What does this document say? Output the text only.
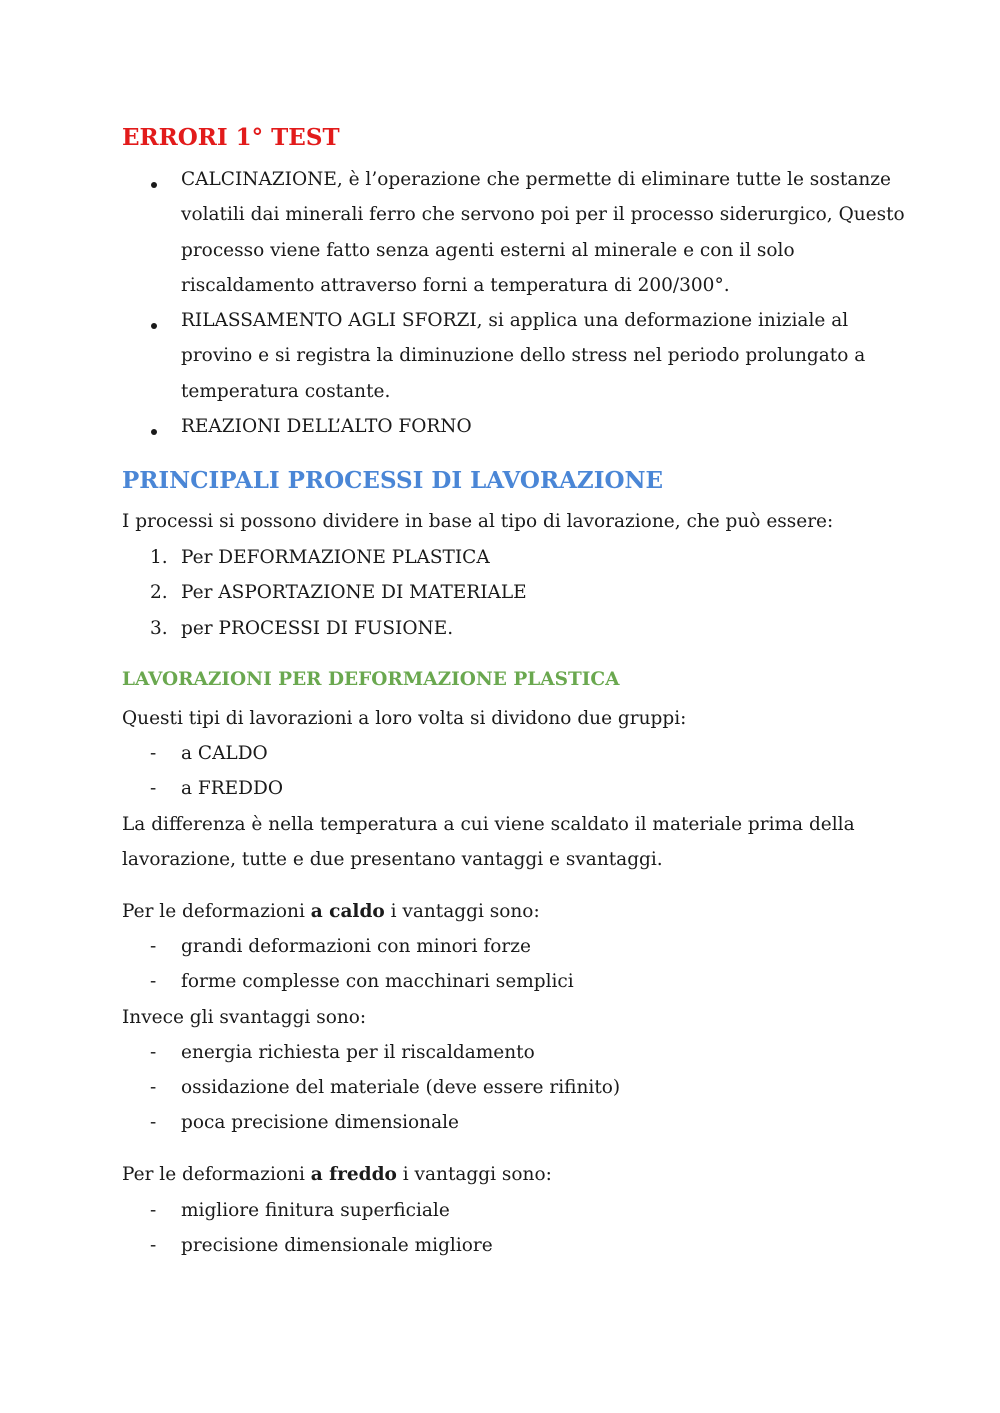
ERRORI 1° TEST
CALCINAZIONE, è l’operazione che permette di eliminare tutte le sostanze
volatili dai minerali ferro che servono poi per il processo siderurgico, Questo
processo viene fatto senza agenti esterni al minerale e con il solo
riscaldamento attraverso forni a temperatura di 200/300°.
RILASSAMENTO AGLI SFORZI, si applica una deformazione iniziale al
provino e si registra la diminuzione dello stress nel periodo prolungato a
temperatura costante.
REAZIONI DELL’ALTO FORNO
PRINCIPALI PROCESSI DI LAVORAZIONE
I processi si possono dividere in base al tipo di lavorazione, che può essere:
1. Per DEFORMAZIONE PLASTICA
2. Per ASPORTAZIONE DI MATERIALE
3. per PROCESSI DI FUSIONE.
LAVORAZIONI PER DEFORMAZIONE PLASTICA
Questi tipi di lavorazioni a loro volta si dividono due gruppi:
- a CALDO
- a FREDDO
La differenza è nella temperatura a cui viene scaldato il materiale prima della
lavorazione, tutte e due presentano vantaggi e svantaggi.
Per le deformazioni a caldo i vantaggi sono:
- grandi deformazioni con minori forze
- forme complesse con macchinari semplici
Invece gli svantaggi sono:
- energia richiesta per il riscaldamento
- ossidazione del materiale (deve essere rifinito)
- poca precisione dimensionale
Per le deformazioni a freddo i vantaggi sono:
- migliore finitura superficiale
- precisione dimensionale migliore
